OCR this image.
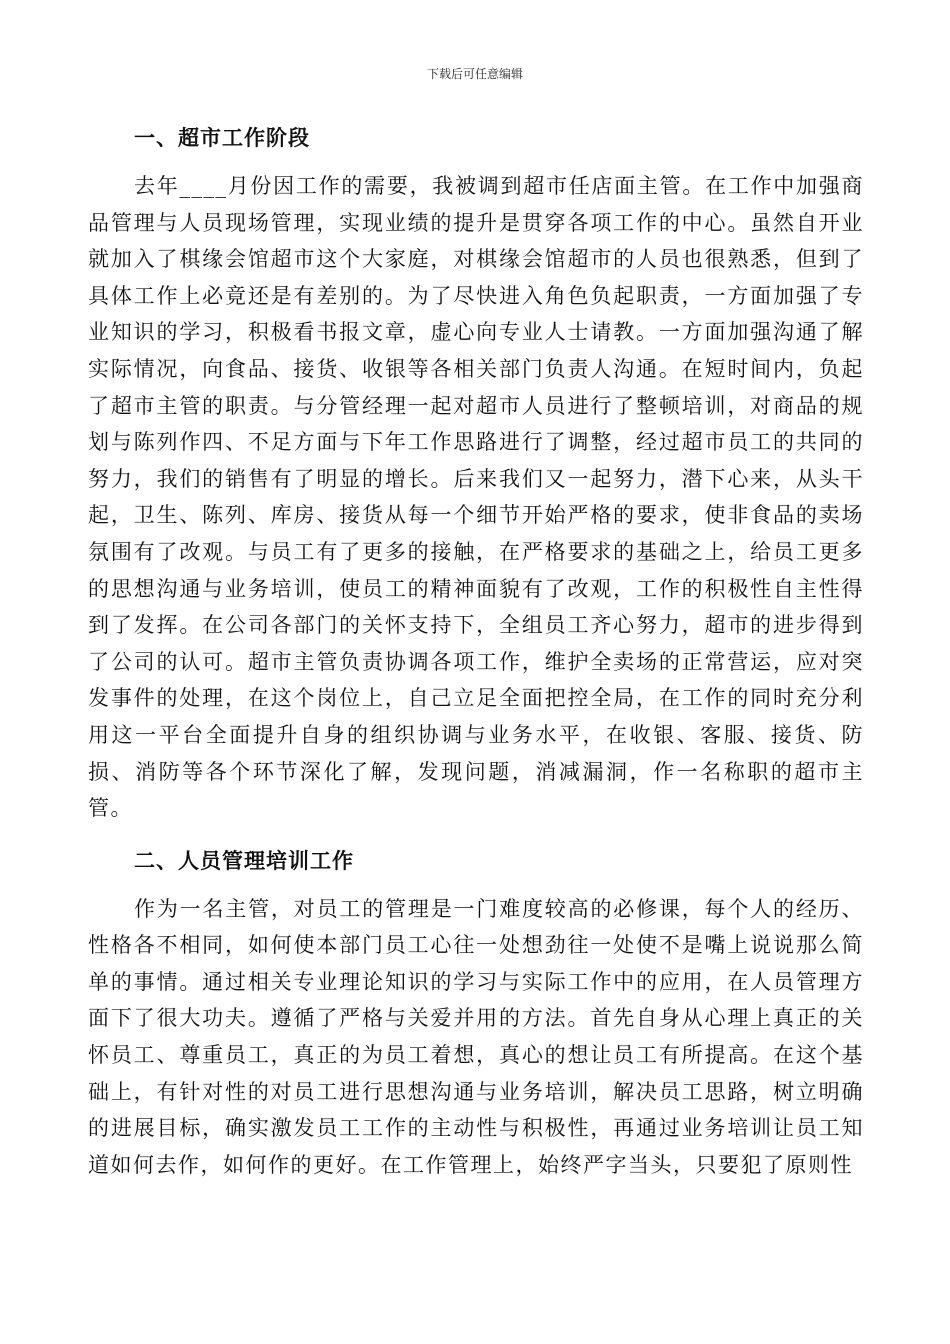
下载后可任意编辑
一、超市工作阶段

去年____月份因工作的需要，我被调到超市任店面主管。在工作中加强商品管理与人员现场管理，实现业绩的提升是贯穿各项工作的中心。虽然自开业就加入了棋缘会馆超市这个大家庭，对棋缘会馆超市的人员也很熟悉，但到了具体工作上必竟还是有差别的。为了尽快进入角色负起职责，一方面加强了专业知识的学习，积极看书报文章，虚心向专业人士请教。一方面加强沟通了解实际情况，向食品、接货、收银等各相关部门负责人沟通。在短时间内，负起了超市主管的职责。与分管经理一起对超市人员进行了整顿培训，对商品的规划与陈列作四、不足方面与下年工作思路进行了调整，经过超市员工的共同的努力，我们的销售有了明显的增长。后来我们又一起努力，潜下心来，从头干起，卫生、陈列、库房、接货从每一个细节开始严格的要求，使非食品的卖场氛围有了改观。与员工有了更多的接触，在严格要求的基础之上，给员工更多的思想沟通与业务培训，使员工的精神面貌有了改观，工作的积极性自主性得到了发挥。在公司各部门的关怀支持下，全组员工齐心努力，超市的进步得到了公司的认可。超市主管负责协调各项工作，维护全卖场的正常营运，应对突发事件的处理，在这个岗位上，自己立足全面把控全局，在工作的同时充分利用这一平台全面提升自身的组织协调与业务水平，在收银、客服、接货、防损、消防等各个环节深化了解，发现问题，消减漏洞，作一名称职的超市主管。

二、人员管理培训工作

作为一名主管，对员工的管理是一门难度较高的必修课，每个人的经历、性格各不相同，如何使本部门员工心往一处想劲往一处使不是嘴上说说那么简单的事情。通过相关专业理论知识的学习与实际工作中的应用，在人员管理方面下了很大功夫。遵循了严格与关爱并用的方法。首先自身从心理上真正的关怀员工、尊重员工，真正的为员工着想，真心的想让员工有所提高。在这个基础上，有针对性的对员工进行思想沟通与业务培训，解决员工思路，树立明确的进展目标，确实激发员工工作的主动性与积极性，再通过业务培训让员工知道如何去作，如何作的更好。在工作管理上，始终严字当头，只要犯了原则性
